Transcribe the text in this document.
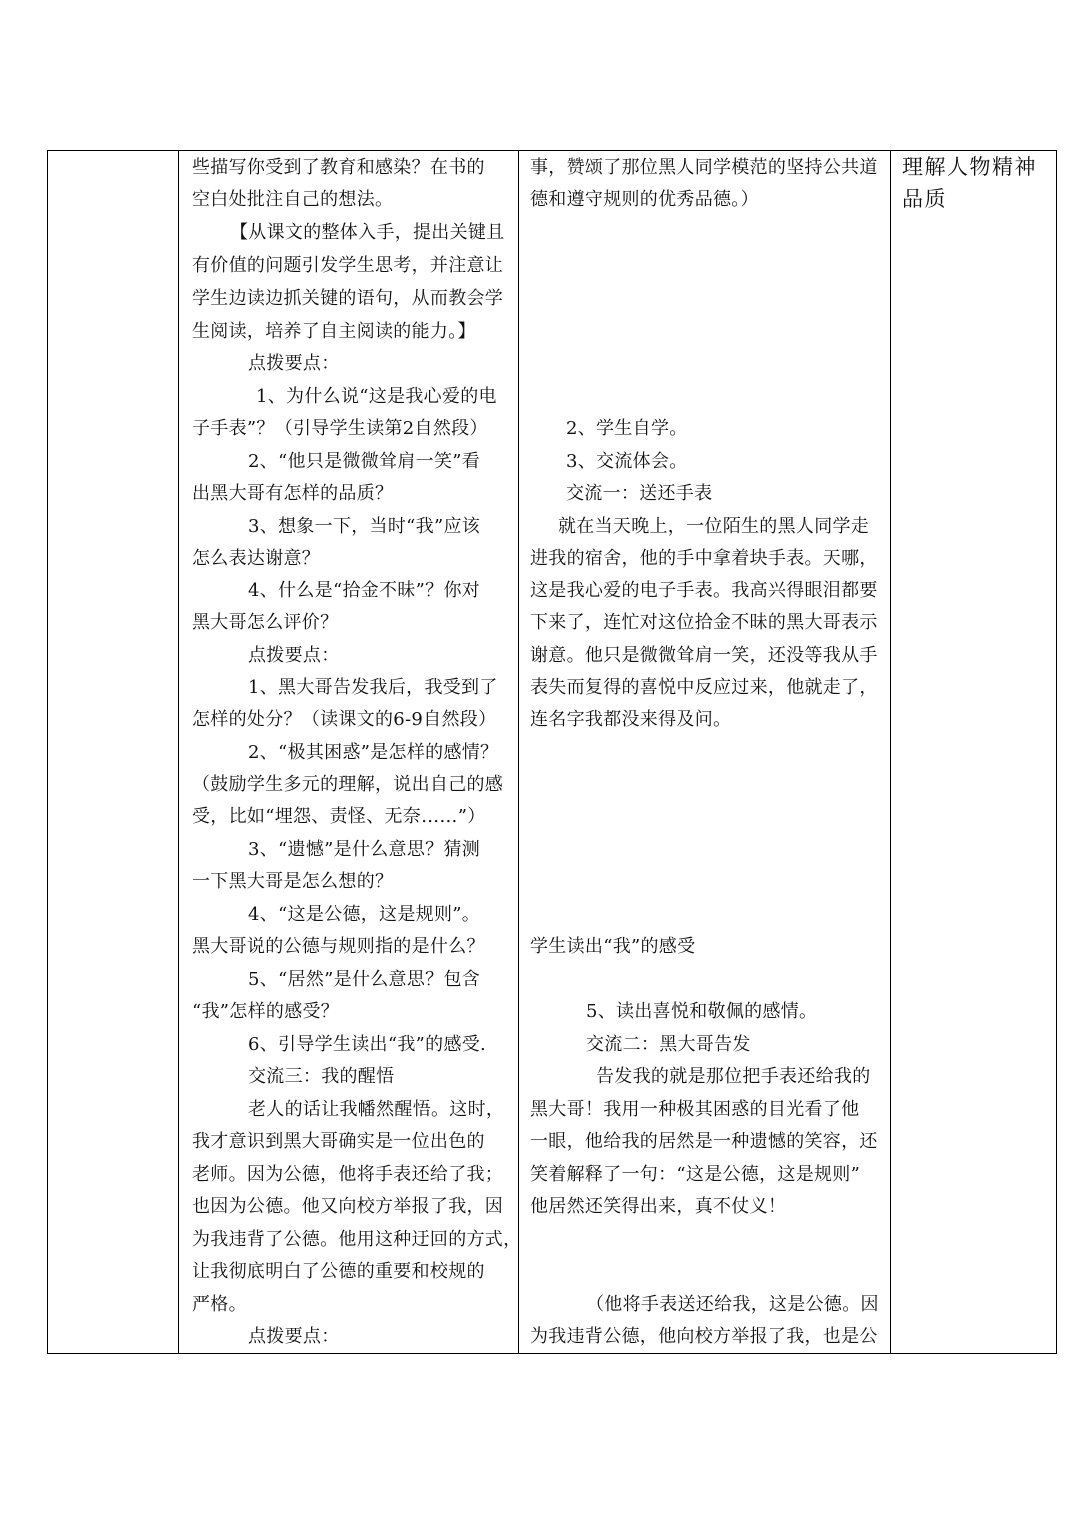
些描写你受到了教育和感染？在书的
空白处批注自己的想法。
【从课文的整体入手，提出关键且
有价值的问题引发学生思考，并注意让
学生边读边抓关键的语句，从而教会学
生阅读，培养了自主阅读的能力。】
点拨要点：
1、为什么说“这是我心爱的电
子手表”？（引导学生读第2自然段）
2、“他只是微微耸肩一笑”看
出黑大哥有怎样的品质？
3、想象一下，当时“我”应该
怎么表达谢意？
4、什么是“拾金不昧”？你对
黑大哥怎么评价？
点拨要点：
1、黑大哥告发我后，我受到了
怎样的处分？（读课文的6-9自然段）
2、“极其困惑”是怎样的感情？
（鼓励学生多元的理解，说出自己的感
受，比如“埋怨、责怪、无奈……”）
3、“遗憾”是什么意思？猜测
一下黑大哥是怎么想的？
4、“这是公德，这是规则”。
黑大哥说的公德与规则指的是什么？
5、“居然”是什么意思？包含
“我”怎样的感受？
6、引导学生读出“我”的感受.
交流三：我的醒悟
老人的话让我幡然醒悟。这时，
我才意识到黑大哥确实是一位出色的
老师。因为公德，他将手表还给了我；
也因为公德。他又向校方举报了我，因
为我违背了公德。他用这种迂回的方式，
让我彻底明白了公德的重要和校规的
严格。
点拨要点：
事，赞颂了那位黑人同学模范的坚持公共道
德和遵守规则的优秀品德。）
2、学生自学。
3、交流体会。
交流一：送还手表
就在当天晚上，一位陌生的黑人同学走
进我的宿舍，他的手中拿着块手表。天哪，
这是我心爱的电子手表。我高兴得眼泪都要
下来了，连忙对这位拾金不昧的黑大哥表示
谢意。他只是微微耸肩一笑，还没等我从手
表失而复得的喜悦中反应过来，他就走了，
连名字我都没来得及问。
学生读出“我”的感受
5、读出喜悦和敬佩的感情。
交流二：黑大哥告发
告发我的就是那位把手表还给我的
黑大哥！我用一种极其困惑的目光看了他
一眼，他给我的居然是一种遗憾的笑容，还
笑着解释了一句：“这是公德，这是规则”
他居然还笑得出来，真不仗义！
（他将手表送还给我，这是公德。因
为我违背公德，他向校方举报了我，也是公
理解人物精神
品质
